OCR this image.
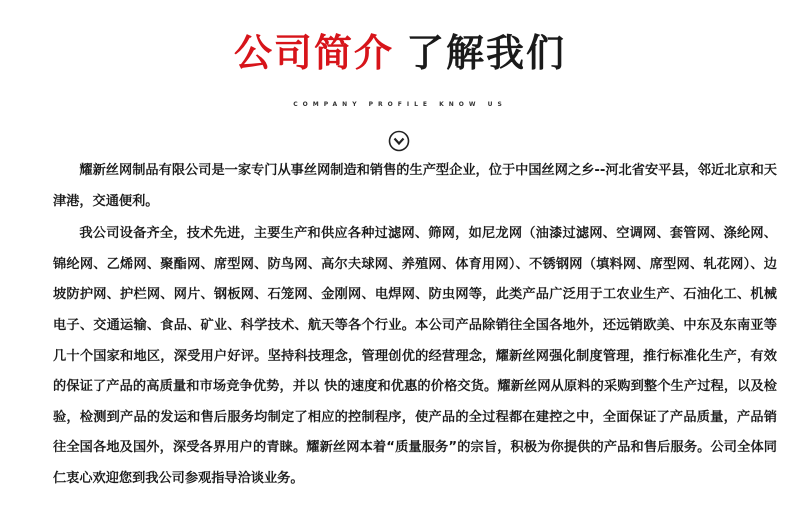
公司简介 了解我们
COMPANY PROFILE KNOW US

耀新丝网制品有限公司是一家专门从事丝网制造和销售的生产型企业，位于中国丝网之乡--河北省安平县，邻近北京和天津港，交通便利。

我公司设备齐全，技术先进，主要生产和供应各种过滤网、筛网，如尼龙网（油漆过滤网、空调网、套管网、涤纶网、锦纶网、乙烯网、聚酯网、席型网、防鸟网、高尔夫球网、养殖网、体育用网）、不锈钢网（填料网、席型网、轧花网）、边坡防护网、护栏网、网片、钢板网、石笼网、金刚网、电焊网、防虫网等，此类产品广泛用于工农业生产、石油化工、机械电子、交通运输、食品、矿业、科学技术、航天等各个行业。本公司产品除销往全国各地外，还远销欧美、中东及东南亚等几十个国家和地区，深受用户好评。坚持科技理念，管理创优的经营理念，耀新丝网强化制度管理，推行标准化生产，有效的保证了产品的高质量和市场竞争优势，并以 快的速度和优惠的价格交货。耀新丝网从原料的采购到整个生产过程，以及检验，检测到产品的发运和售后服务均制定了相应的控制程序，使产品的全过程都在建控之中，全面保证了产品质量，产品销往全国各地及国外，深受各界用户的青睐。耀新丝网本着“质量服务”的宗旨，积极为你提供的产品和售后服务。公司全体同仁衷心欢迎您到我公司参观指导洽谈业务。
